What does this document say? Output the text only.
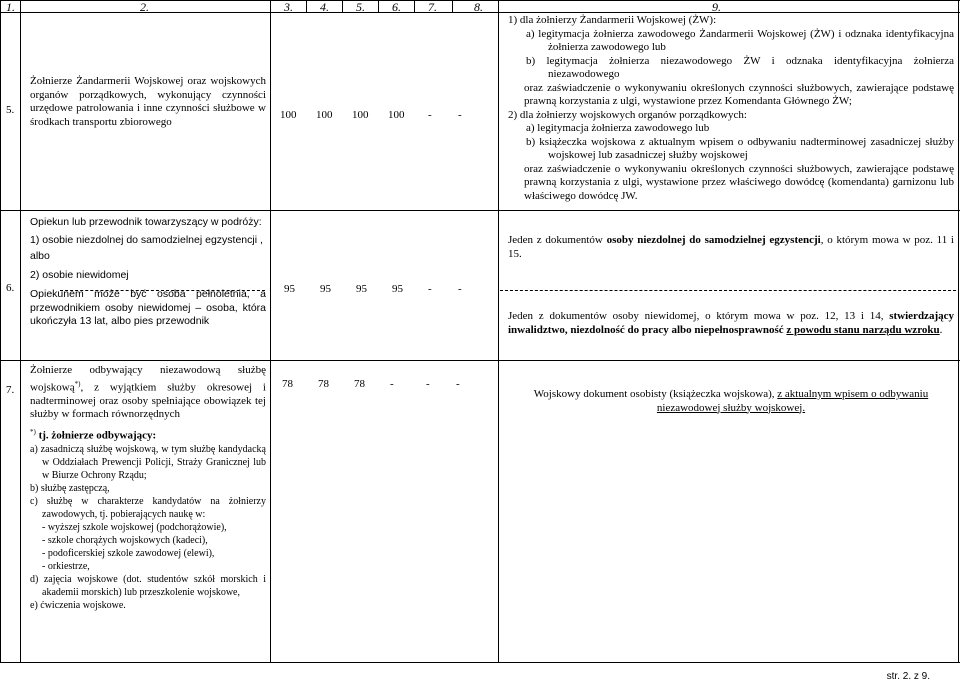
1.	2.	3. 4. 5. 6. 7.	8.	9.
5.
Żołnierze Żandarmerii Wojskowej oraz wojskowych organów porządkowych, wykonujący czynności urzędowe patrolowania i inne czynności służbowe w środkach transportu zbiorowego
100 100 100 100 - -
1) dla żołnierzy Żandarmerii Wojskowej (ŻW):
a) legitymacja żołnierza zawodowego Żandarmerii Wojskowej (ŻW) i odznaka identyfikacyjna żołnierza zawodowego lub
b) legitymacja żołnierza niezawodowego ŻW i odznaka identyfikacyjna żołnierza niezawodowego
oraz zaświadczenie o wykonywaniu określonych czynności służbowych, zawierające podstawę prawną korzystania z ulgi, wystawione przez Komendanta Głównego ŻW;
2) dla żołnierzy wojskowych organów porządkowych:
a) legitymacja żołnierza zawodowego lub
b) książeczka wojskowa z aktualnym wpisem o odbywaniu nadterminowej zasadniczej służby wojskowej lub zasadniczej służby wojskowej
oraz zaświadczenie o wykonywaniu określonych czynności służbowych, zawierające podstawę prawną korzystania z ulgi, wystawione przez właściwego dowódcę (komendanta) garnizonu lub właściwego dowódcę JW.
6.
Opiekun lub przewodnik towarzyszący w podróży:
1) osobie niezdolnej do samodzielnej egzystencji ,
albo
2) osobie niewidomej
Opiekunem może być osoba pełnoletnia, a przewodnikiem osoby niewidomej – osoba, która ukończyła 13 lat, albo pies przewodnik
95 95 95 95 - -
Jeden z dokumentów osoby niezdolnej do samodzielnej egzystencji, o którym mowa w poz. 11 i 15.
Jeden z dokumentów osoby niewidomej, o którym mowa w poz. 12, 13 i 14, stwierdzający inwalidztwo, niezdolność do pracy albo niepełnosprawność z powodu stanu narządu wzroku.
7.
Żołnierze odbywający niezawodową służbę wojskową*), z wyjątkiem służby okresowej i nadterminowej oraz osoby spełniające obowiązek tej służby w formach równorzędnych
*) tj. żołnierze odbywający:
a) zasadniczą służbę wojskową, w tym służbę kandydacką w Oddziałach Prewencji Policji, Straży Granicznej lub w Biurze Ochrony Rządu;
b) służbę zastępczą,
c) służbę w charakterze kandydatów na żołnierzy zawodowych, tj. pobierających naukę w:
- wyższej szkole wojskowej (podchorążowie),
- szkole chorążych wojskowych (kadeci),
- podoficerskiej szkole zawodowej (elewi),
- orkiestrze,
d) zajęcia wojskowe (dot. studentów szkół morskich i akademii morskich) lub przeszkolenie wojskowe,
e) ćwiczenia wojskowe.
78 78 78 -	- -
Wojskowy dokument osobisty (książeczka wojskowa), z aktualnym wpisem o odbywaniu niezawodowej służby wojskowej.
str. 2. z 9.
